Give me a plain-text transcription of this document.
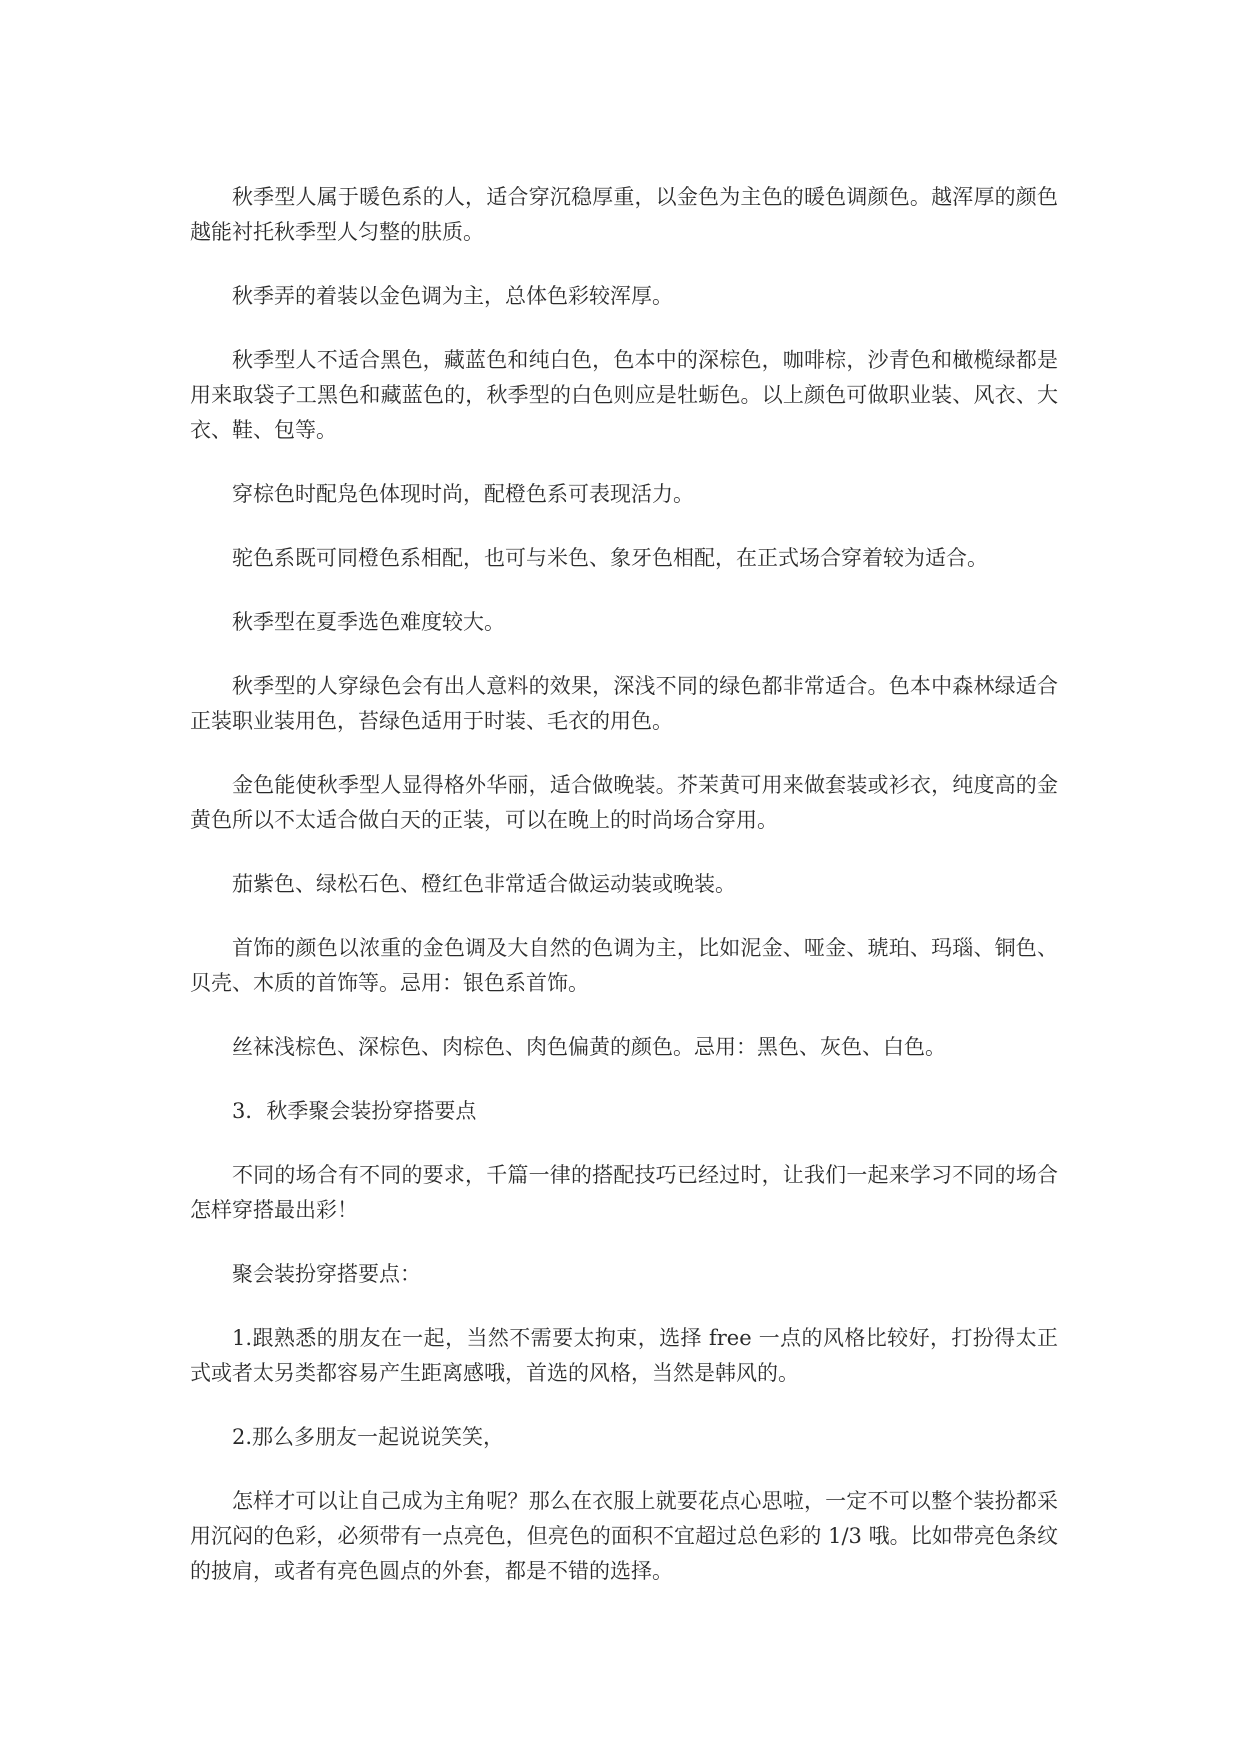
秋季型人属于暖色系的人，适合穿沉稳厚重，以金色为主色的暖色调颜色。越浑厚的颜色越能衬托秋季型人匀整的肤质。

秋季弄的着装以金色调为主，总体色彩较浑厚。

秋季型人不适合黑色，藏蓝色和纯白色，色本中的深棕色，咖啡棕，沙青色和橄榄绿都是用来取袋子工黑色和藏蓝色的，秋季型的白色则应是牡蛎色。以上颜色可做职业装、风衣、大衣、鞋、包等。

穿棕色时配凫色体现时尚，配橙色系可表现活力。

驼色系既可同橙色系相配，也可与米色、象牙色相配，在正式场合穿着较为适合。

秋季型在夏季选色难度较大。

秋季型的人穿绿色会有出人意料的效果，深浅不同的绿色都非常适合。色本中森林绿适合正装职业装用色，苔绿色适用于时装、毛衣的用色。

金色能使秋季型人显得格外华丽，适合做晚装。芥茉黄可用来做套装或衫衣，纯度高的金黄色所以不太适合做白天的正装，可以在晚上的时尚场合穿用。

茄紫色、绿松石色、橙红色非常适合做运动装或晚装。

首饰的颜色以浓重的金色调及大自然的色调为主，比如泥金、哑金、琥珀、玛瑙、铜色、贝壳、木质的首饰等。忌用：银色系首饰。

丝袜浅棕色、深棕色、肉棕色、肉色偏黄的颜色。忌用：黑色、灰色、白色。

3．秋季聚会装扮穿搭要点

不同的场合有不同的要求，千篇一律的搭配技巧已经过时，让我们一起来学习不同的场合怎样穿搭最出彩！

聚会装扮穿搭要点：

1.跟熟悉的朋友在一起，当然不需要太拘束，选择 free 一点的风格比较好，打扮得太正式或者太另类都容易产生距离感哦，首选的风格，当然是韩风的。

2.那么多朋友一起说说笑笑，

怎样才可以让自己成为主角呢？那么在衣服上就要花点心思啦，一定不可以整个装扮都采用沉闷的色彩，必须带有一点亮色，但亮色的面积不宜超过总色彩的 1/3 哦。比如带亮色条纹的披肩，或者有亮色圆点的外套，都是不错的选择。
